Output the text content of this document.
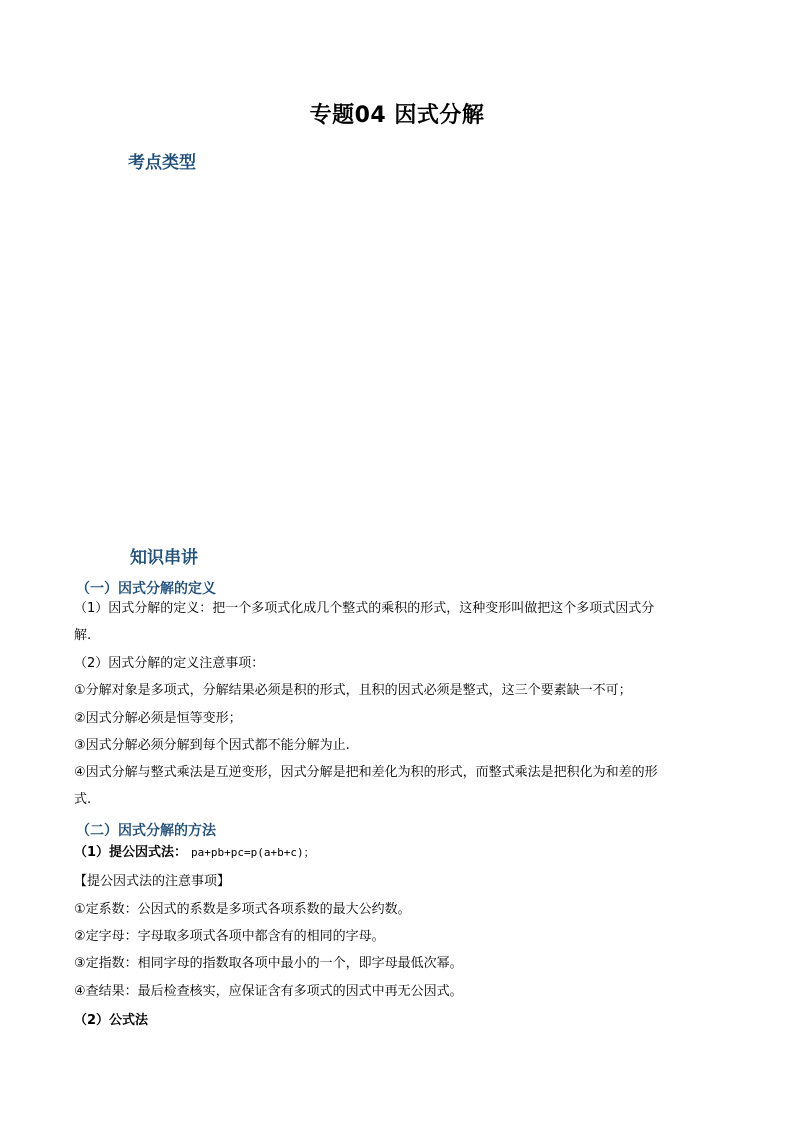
专题04 因式分解
考点类型
知识串讲
（一）因式分解的定义
（1）因式分解的定义：把一个多项式化成几个整式的乘积的形式，这种变形叫做把这个多项式因式分
解.
（2）因式分解的定义注意事项：
①分解对象是多项式，分解结果必须是积的形式，且积的因式必须是整式，这三个要素缺一不可；
②因式分解必须是恒等变形；
③因式分解必须分解到每个因式都不能分解为止.
④因式分解与整式乘法是互逆变形，因式分解是把和差化为积的形式，而整式乘法是把积化为和差的形
式.
（二）因式分解的方法
（1）提公因式法： pa+pb+pc=p(a+b+c)；
【提公因式法的注意事项】
①定系数：公因式的系数是多项式各项系数的最大公约数。
②定字母：字母取多项式各项中都含有的相同的字母。
③定指数：相同字母的指数取各项中最小的一个，即字母最低次幂。
④查结果：最后检查核实，应保证含有多项式的因式中再无公因式。
（2）公式法
